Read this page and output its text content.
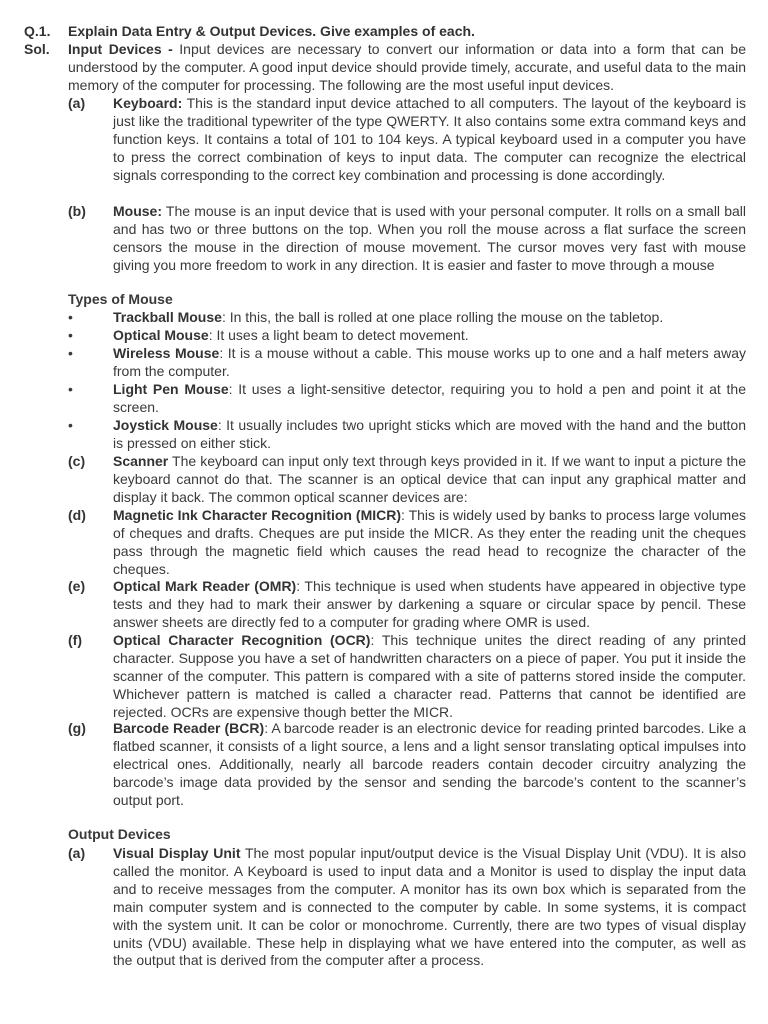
Q.1. Explain Data Entry & Output Devices. Give examples of each.
Sol. Input Devices - Input devices are necessary to convert our information or data into a form that can be understood by the computer. A good input device should provide timely, accurate, and useful data to the main memory of the computer for processing. The following are the most useful input devices.
(a) Keyboard: This is the standard input device attached to all computers. The layout of the keyboard is just like the traditional typewriter of the type QWERTY. It also contains some extra command keys and function keys. It contains a total of 101 to 104 keys. A typical keyboard used in a computer you have to press the correct combination of keys to input data. The computer can recognize the electrical signals corresponding to the correct key combination and processing is done accordingly.
(b) Mouse: The mouse is an input device that is used with your personal computer. It rolls on a small ball and has two or three buttons on the top. When you roll the mouse across a flat surface the screen censors the mouse in the direction of mouse movement. The cursor moves very fast with mouse giving you more freedom to work in any direction. It is easier and faster to move through a mouse
Types of Mouse
•	Trackball Mouse: In this, the ball is rolled at one place rolling the mouse on the tabletop.
•	Optical Mouse: It uses a light beam to detect movement.
•	Wireless Mouse: It is a mouse without a cable. This mouse works up to one and a half meters away from the computer.
•	Light Pen Mouse: It uses a light-sensitive detector, requiring you to hold a pen and point it at the screen.
•	Joystick Mouse: It usually includes two upright sticks which are moved with the hand and the button is pressed on either stick.
(c) Scanner The keyboard can input only text through keys provided in it. If we want to input a picture the keyboard cannot do that. The scanner is an optical device that can input any graphical matter and display it back. The common optical scanner devices are:
(d) Magnetic Ink Character Recognition (MICR): This is widely used by banks to process large volumes of cheques and drafts. Cheques are put inside the MICR. As they enter the reading unit the cheques pass through the magnetic field which causes the read head to recognize the character of the cheques.
(e) Optical Mark Reader (OMR): This technique is used when students have appeared in objective type tests and they had to mark their answer by darkening a square or circular space by pencil. These answer sheets are directly fed to a computer for grading where OMR is used.
(f) Optical Character Recognition (OCR): This technique unites the direct reading of any printed character. Suppose you have a set of handwritten characters on a piece of paper. You put it inside the scanner of the computer. This pattern is compared with a site of patterns stored inside the computer. Whichever pattern is matched is called a character read. Patterns that cannot be identified are rejected. OCRs are expensive though better the MICR.
(g) Barcode Reader (BCR): A barcode reader is an electronic device for reading printed barcodes. Like a flatbed scanner, it consists of a light source, a lens and a light sensor translating optical impulses into electrical ones. Additionally, nearly all barcode readers contain decoder circuitry analyzing the barcode’s image data provided by the sensor and sending the barcode’s content to the scanner’s output port.
Output Devices
(a) Visual Display Unit The most popular input/output device is the Visual Display Unit (VDU). It is also called the monitor. A Keyboard is used to input data and a Monitor is used to display the input data and to receive messages from the computer. A monitor has its own box which is separated from the main computer system and is connected to the computer by cable. In some systems, it is compact with the system unit. It can be color or monochrome. Currently, there are two types of visual display units (VDU) available. These help in displaying what we have entered into the computer, as well as the output that is derived from the computer after a process.
